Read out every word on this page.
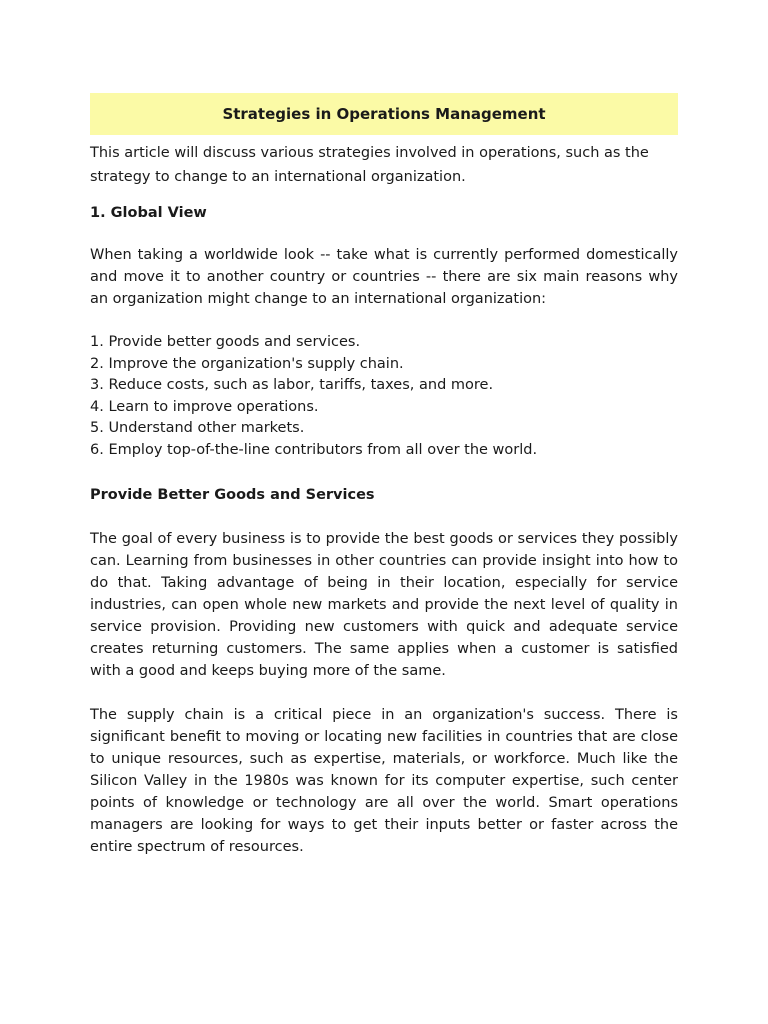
Strategies in Operations Management
This article will discuss various strategies involved in operations, such as the strategy to change to an international organization.
1. Global View

When taking a worldwide look -- take what is currently performed domestically and move it to another country or countries -- there are six main reasons why an organization might change to an international organization:

1. Provide better goods and services.
2. Improve the organization's supply chain.
3. Reduce costs, such as labor, tariffs, taxes, and more.
4. Learn to improve operations.
5. Understand other markets.
6. Employ top-of-the-line contributors from all over the world.
Provide Better Goods and Services

The goal of every business is to provide the best goods or services they possibly can. Learning from businesses in other countries can provide insight into how to do that. Taking advantage of being in their location, especially for service industries, can open whole new markets and provide the next level of quality in service provision. Providing new customers with quick and adequate service creates returning customers. The same applies when a customer is satisfied with a good and keeps buying more of the same.

The supply chain is a critical piece in an organization's success. There is significant benefit to moving or locating new facilities in countries that are close to unique resources, such as expertise, materials, or workforce. Much like the Silicon Valley in the 1980s was known for its computer expertise, such center points of knowledge or technology are all over the world. Smart operations managers are looking for ways to get their inputs better or faster across the entire spectrum of resources.
